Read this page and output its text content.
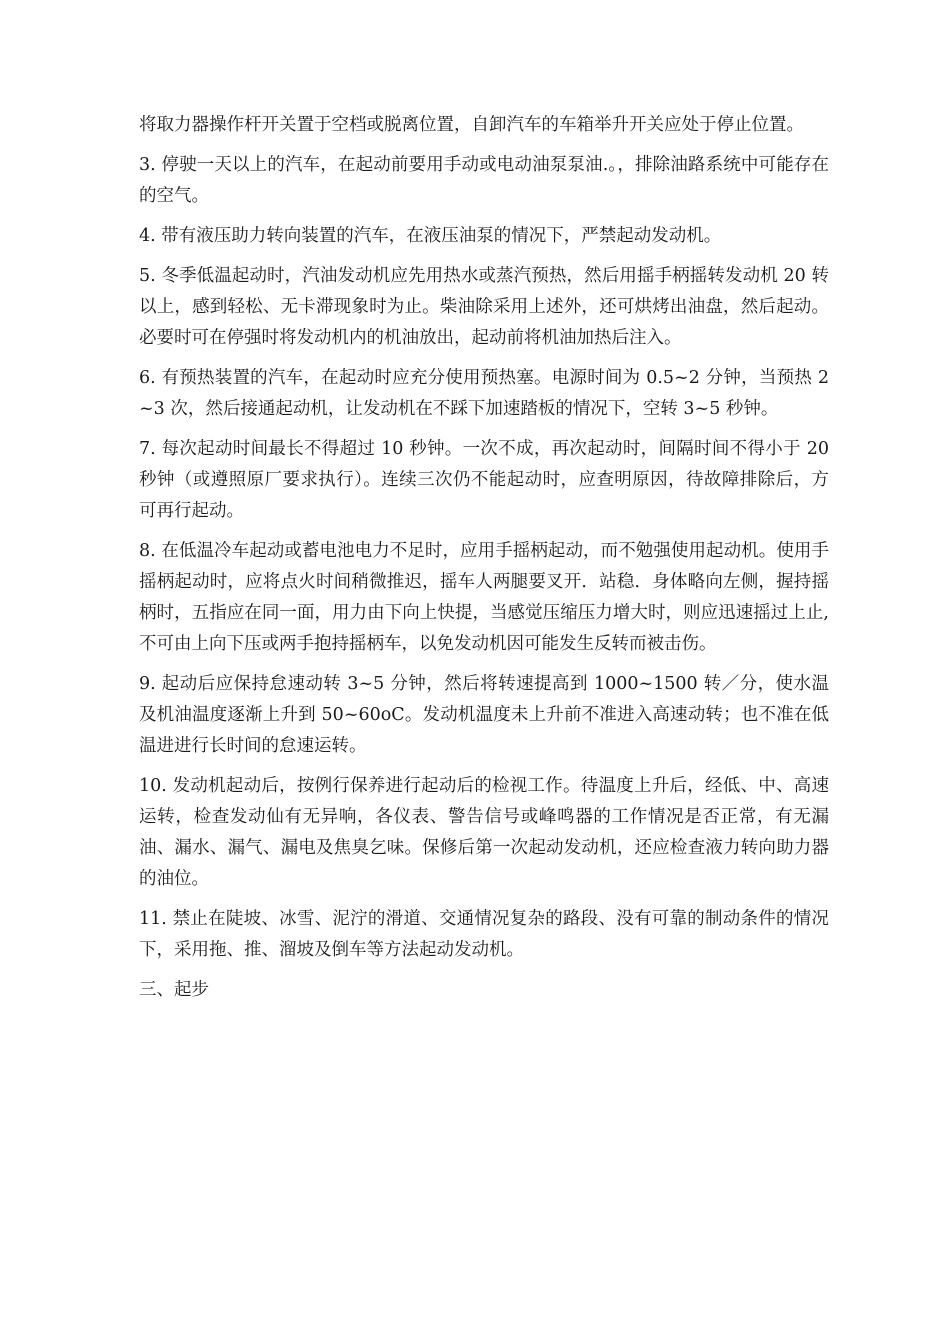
将取力器操作杆开关置于空档或脱离位置，自卸汽车的车箱举升开关应处于停止位置。

3. 停驶一天以上的汽车，在起动前要用手动或电动油泵泵油.。，排除油路系统中可能存在的空气。

4. 带有液压助力转向装置的汽车，在液压油泵的情况下，严禁起动发动机。

5. 冬季低温起动时，汽油发动机应先用热水或蒸汽预热，然后用摇手柄摇转发动机 20 转以上，感到轻松、无卡滞现象时为止。柴油除采用上述外，还可烘烤出油盘，然后起动。必要时可在停强时将发动机内的机油放出，起动前将机油加热后注入。

6. 有预热装置的汽车，在起动时应充分使用预热塞。电源时间为 0.5~2 分钟，当预热 2~3 次，然后接通起动机，让发动机在不踩下加速踏板的情况下，空转 3~5 秒钟。

7. 每次起动时间最长不得超过 10 秒钟。一次不成，再次起动时，间隔时间不得小于 20 秒钟（或遵照原厂要求执行）。连续三次仍不能起动时，应查明原因，待故障排除后，方可再行起动。

8. 在低温冷车起动或蓄电池电力不足时，应用手摇柄起动，而不勉强使用起动机。使用手摇柄起动时，应将点火时间稍微推迟，摇车人两腿要叉开．站稳．身体略向左侧，握持摇柄时，五指应在同一面，用力由下向上快提，当感觉压缩压力增大时，则应迅速摇过上止,不可由上向下压或两手抱持摇柄车，以免发动机因可能发生反转而被击伤。

9. 起动后应保持怠速动转 3~5 分钟，然后将转速提高到 1000~1500 转／分，使水温及机油温度逐渐上升到 50~60oC。发动机温度未上升前不准进入高速动转；也不准在低温进进行长时间的怠速运转。

10. 发动机起动后，按例行保养进行起动后的检视工作。待温度上升后，经低、中、高速运转，检查发动仙有无异响，各仪表、警告信号或峰鸣器的工作情况是否正常，有无漏油、漏水、漏气、漏电及焦臭乞味。保修后第一次起动发动机，还应检查液力转向助力器的油位。

11. 禁止在陡坡、冰雪、泥泞的滑道、交通情况复杂的路段、没有可靠的制动条件的情况下，采用拖、推、溜坡及倒车等方法起动发动机。

三、起步
